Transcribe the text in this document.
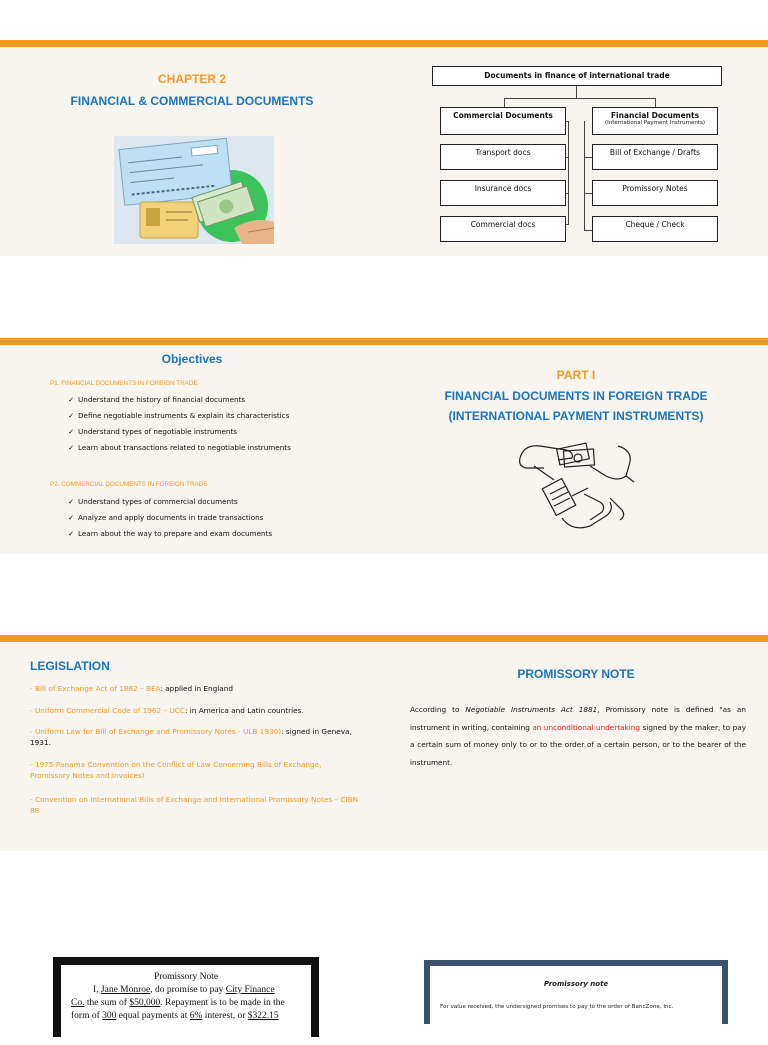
CHAPTER 2
FINANCIAL & COMMERCIAL DOCUMENTS
Documents in finance of international trade
Commercial Documents	Financial Documents
(International Payment Instruments)
Transport docs
Insurance docs
Commercial docs
Bill of Exchange / Drafts
Promissory Notes
Cheque / Check
Objectives
P1. FINANCIAL DOCUMENTS IN FOREIGN TRADE
✓ Understand the history of financial documents
✓ Define negotiable instruments & explain its characteristics
✓ Understand types of negotiable instruments
✓ Learn about transactions related to negotiable instruments
P2. COMMERCIAL DOCUMENTS IN FOREIGN TRADE
✓ Understand types of commercial documents
✓ Analyze and apply documents in trade transactions
✓ Learn about the way to prepare and exam documents
PART I
FINANCIAL DOCUMENTS IN FOREIGN TRADE
(INTERNATIONAL PAYMENT INSTRUMENTS)
LEGISLATION
- Bill of Exchange Act of 1882 – BEA: applied in England
- Uniform Commercial Code of 1962 – UCC: in America and Latin countries.
- Uniform Law for Bill of Exchange and Promissory Notes - ULB 1930): signed in Geneva, 1931.
- 1975 Panama Convention on the Conflict of Law Concerning Bills of Exchange, Promissory Notes and Invoices)
- Convention on International Bills of Exchange and International Promissory Notes – CIBN 88
PROMISSORY NOTE
According to Negotiable Instruments Act 1881, Promissory note is defined "as an instrument in writing, containing an unconditional undertaking signed by the maker, to pay a certain sum of money only to or to the order of a certain person, or to the bearer of the instrument.
Promissory Note
I, Jane Monroe, do promise to pay City Finance
Co. the sum of $50,000. Repayment is to be made in the
form of 300 equal payments at 6% interest, or $322.15
Promissory note
For value received, the undersigned promises to pay to the order of BancZone, Inc.
